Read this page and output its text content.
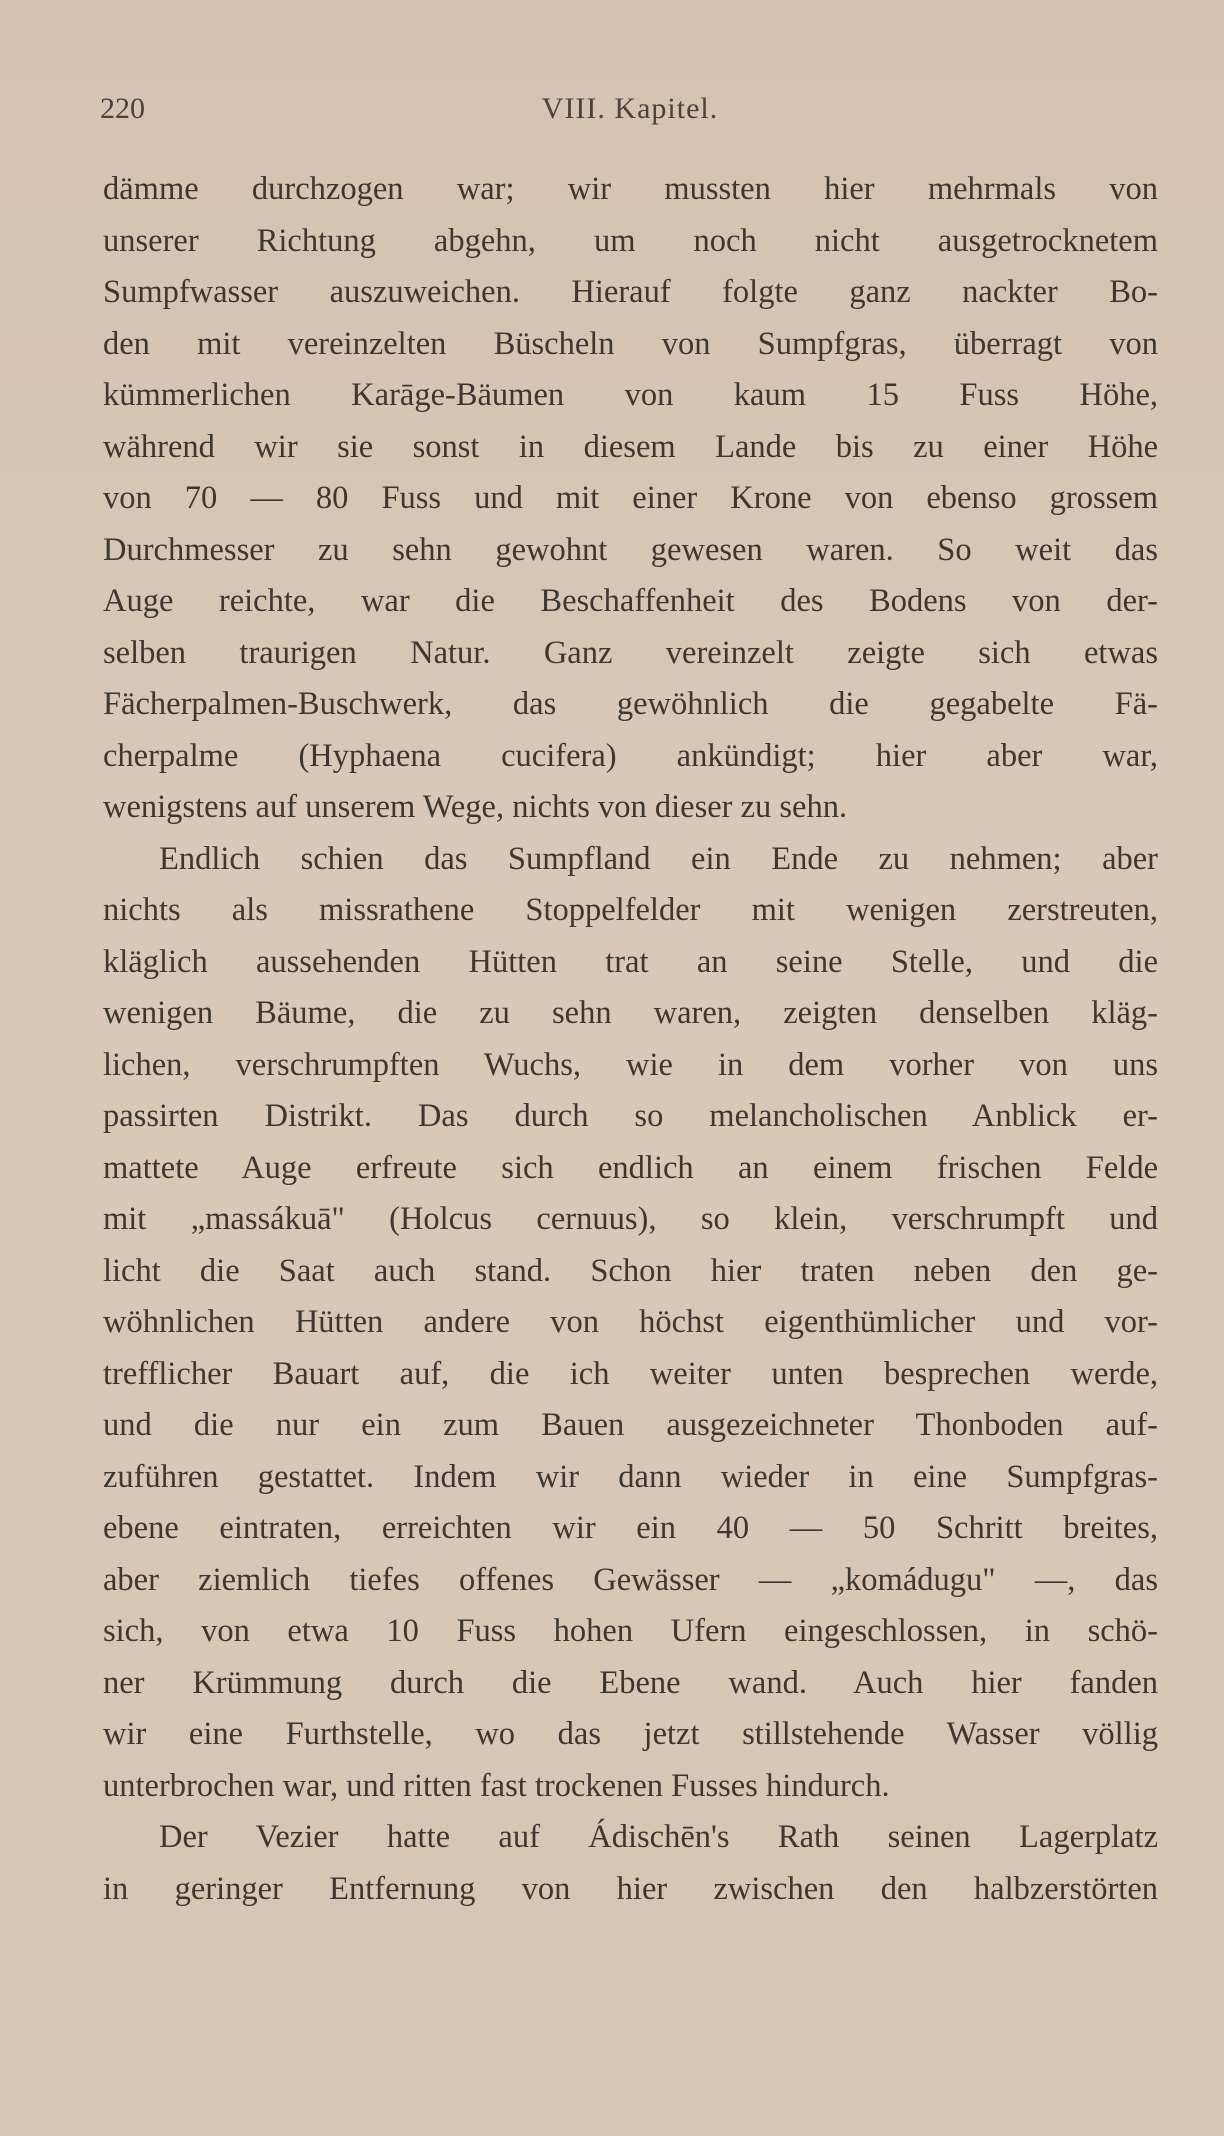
220	VIII. Kapitel.
dämme durchzogen war; wir mussten hier mehrmals von
unserer Richtung abgehn, um noch nicht ausgetrocknetem
Sumpfwasser auszuweichen. Hierauf folgte ganz nackter Bo-
den mit vereinzelten Büscheln von Sumpfgras, überragt von
kümmerlichen Karāge-Bäumen von kaum 15 Fuss Höhe,
während wir sie sonst in diesem Lande bis zu einer Höhe
von 70 — 80 Fuss und mit einer Krone von ebenso grossem
Durchmesser zu sehn gewohnt gewesen waren. So weit das
Auge reichte, war die Beschaffenheit des Bodens von der-
selben traurigen Natur. Ganz vereinzelt zeigte sich etwas
Fächerpalmen-Buschwerk, das gewöhnlich die gegabelte Fä-
cherpalme (Hyphaena cucifera) ankündigt; hier aber war,
wenigstens auf unserem Wege, nichts von dieser zu sehn.
Endlich schien das Sumpfland ein Ende zu nehmen; aber
nichts als missrathene Stoppelfelder mit wenigen zerstreuten,
kläglich aussehenden Hütten trat an seine Stelle, und die
wenigen Bäume, die zu sehn waren, zeigten denselben kläg-
lichen, verschrumpften Wuchs, wie in dem vorher von uns
passirten Distrikt. Das durch so melancholischen Anblick er-
mattete Auge erfreute sich endlich an einem frischen Felde
mit „massákuā" (Holcus cernuus), so klein, verschrumpft und
licht die Saat auch stand. Schon hier traten neben den ge-
wöhnlichen Hütten andere von höchst eigenthümlicher und vor-
trefflicher Bauart auf, die ich weiter unten besprechen werde,
und die nur ein zum Bauen ausgezeichneter Thonboden auf-
zuführen gestattet. Indem wir dann wieder in eine Sumpfgras-
ebene eintraten, erreichten wir ein 40 — 50 Schritt breites,
aber ziemlich tiefes offenes Gewässer — „komádugu" —, das
sich, von etwa 10 Fuss hohen Ufern eingeschlossen, in schö-
ner Krümmung durch die Ebene wand. Auch hier fanden
wir eine Furthstelle, wo das jetzt stillstehende Wasser völlig
unterbrochen war, und ritten fast trockenen Fusses hindurch.
Der Vezier hatte auf Ádischēn's Rath seinen Lagerplatz
in geringer Entfernung von hier zwischen den halbzerstörten
